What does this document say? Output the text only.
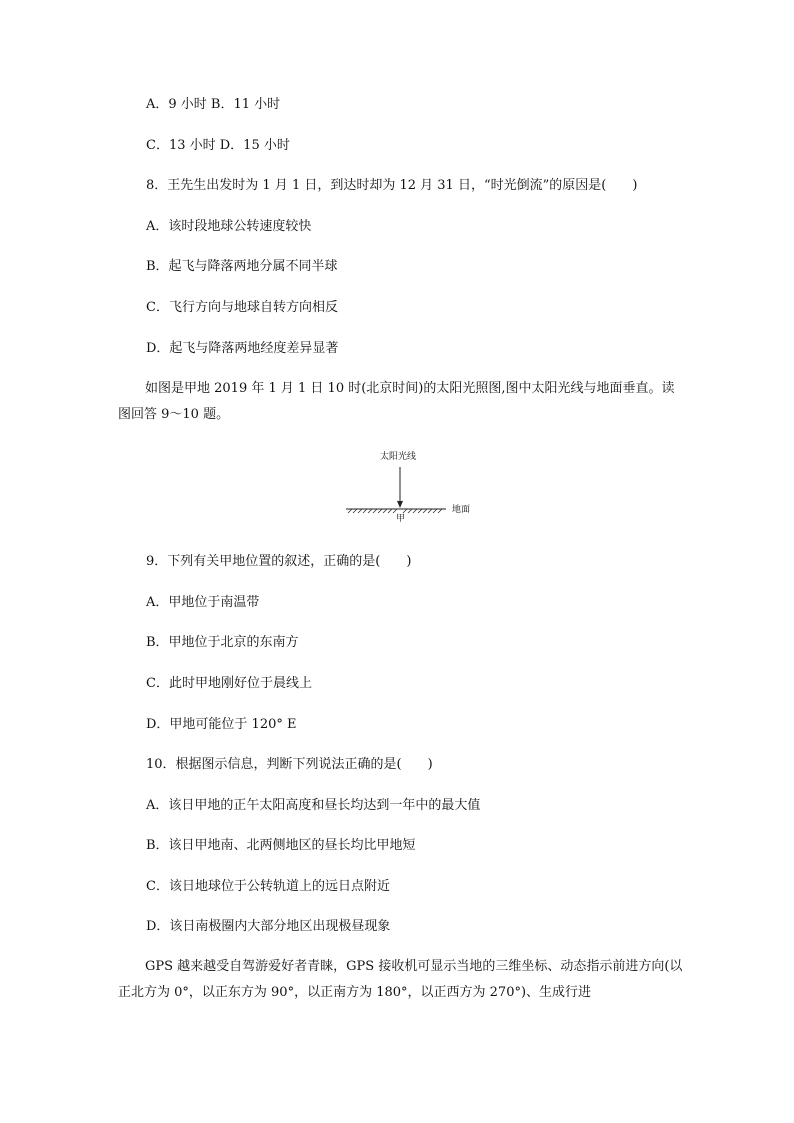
A．9 小时 B．11 小时
C．13 小时 D．15 小时
8．王先生出发时为 1 月 1 日，到达时却为 12 月 31 日，“时光倒流”的原因是(　　)
A．该时段地球公转速度较快
B．起飞与降落两地分属不同半球
C．飞行方向与地球自转方向相反
D．起飞与降落两地经度差异显著

如图是甲地 2019 年 1 月 1 日 10 时(北京时间)的太阳光照图,图中太阳光线与地面垂直。读图回答 9～10 题。

太阳光线
地面
甲
9．下列有关甲地位置的叙述，正确的是(　　)
A．甲地位于南温带
B．甲地位于北京的东南方
C．此时甲地刚好位于晨线上
D．甲地可能位于 120° E
10．根据图示信息，判断下列说法正确的是(　　)
A．该日甲地的正午太阳高度和昼长均达到一年中的最大值
B．该日甲地南、北两侧地区的昼长均比甲地短
C．该日地球位于公转轨道上的远日点附近
D．该日南极圈内大部分地区出现极昼现象

GPS 越来越受自驾游爱好者青睐，GPS 接收机可显示当地的三维坐标、动态指示前进方向(以正北方为 0°，以正东方为 90°，以正南方为 180°，以正西方为 270°)、生成行进
